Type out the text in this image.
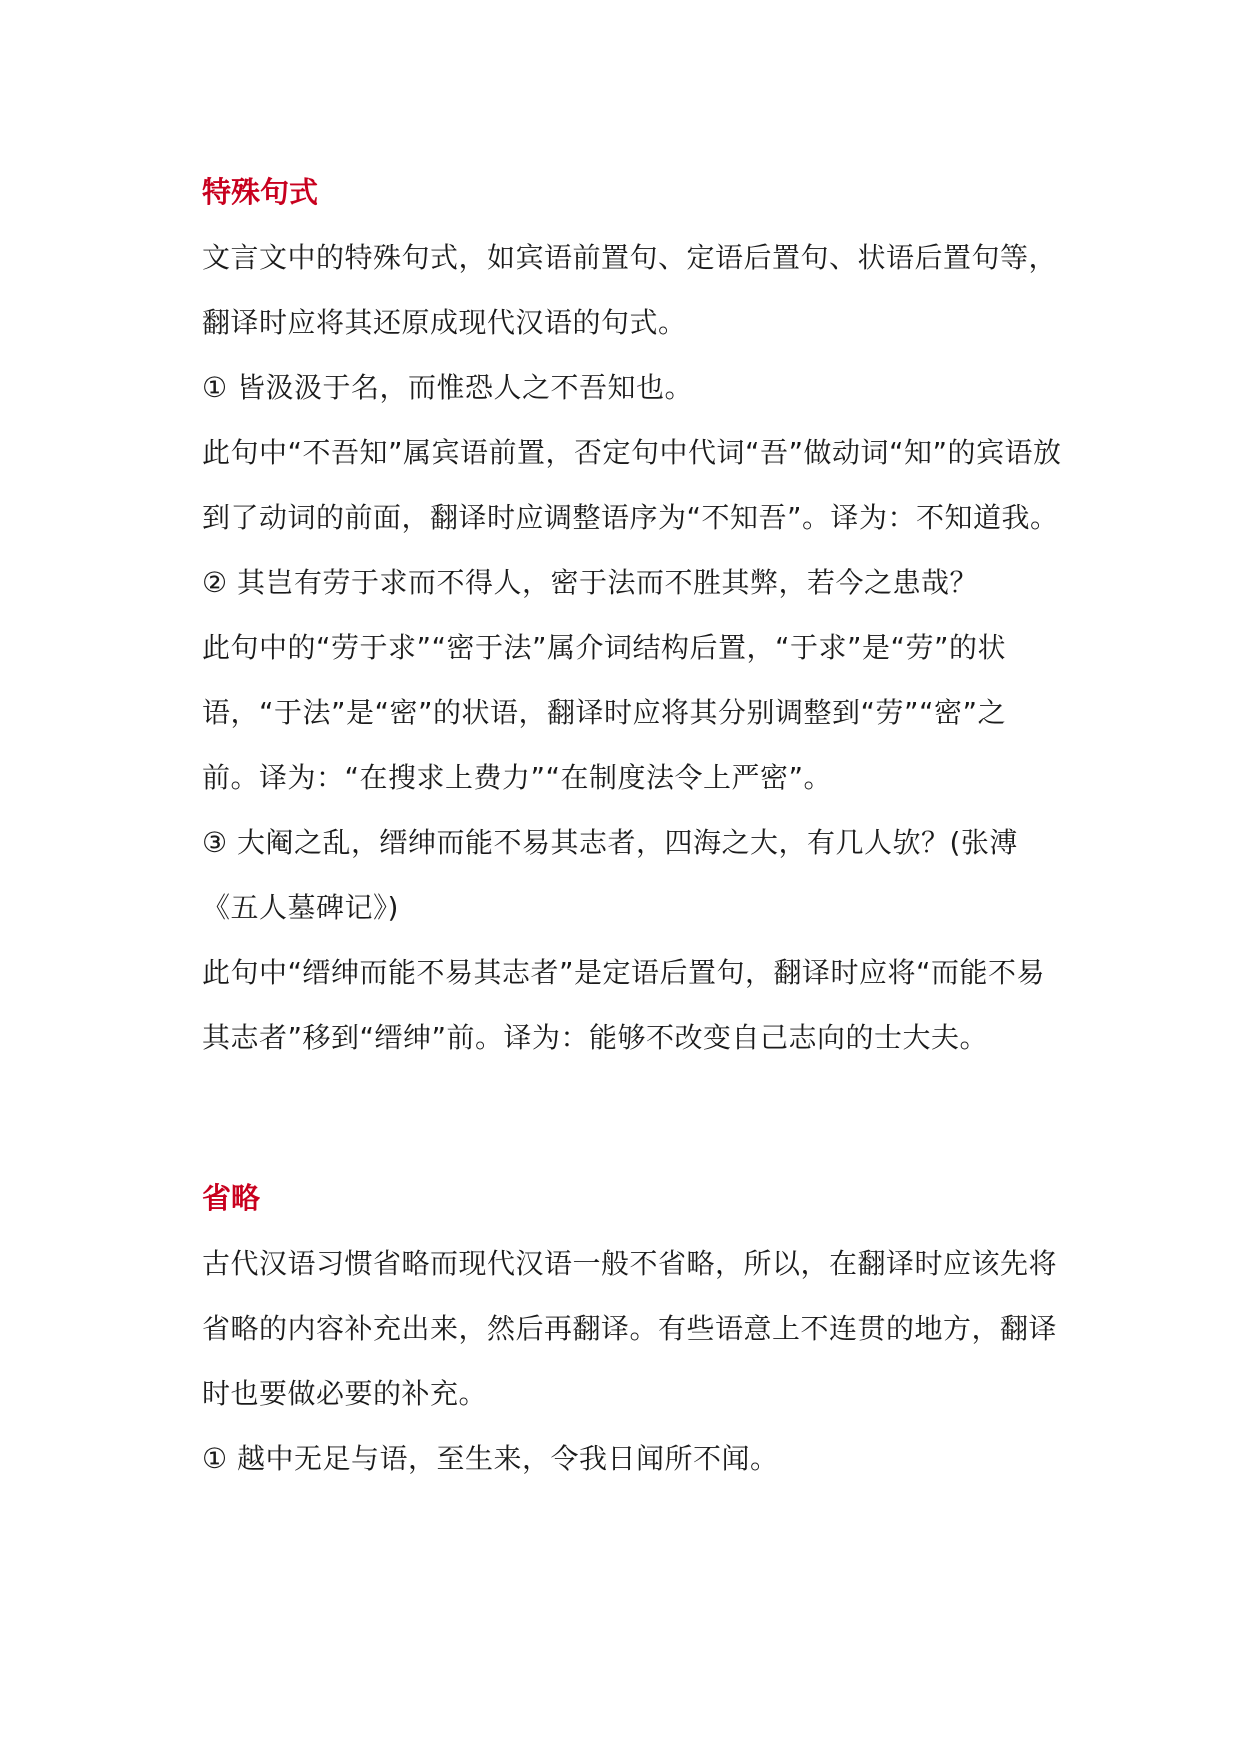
特殊句式

文言文中的特殊句式，如宾语前置句、定语后置句、状语后置句等，翻译时应将其还原成现代汉语的句式。

① 皆汲汲于名，而惟恐人之不吾知也。

此句中“不吾知”属宾语前置，否定句中代词“吾”做动词“知”的宾语放到了动词的前面，翻译时应调整语序为“不知吾”。译为：不知道我。

② 其岂有劳于求而不得人，密于法而不胜其弊，若今之患哉？

此句中的“劳于求”“密于法”属介词结构后置，“于求”是“劳”的状语，“于法”是“密”的状语，翻译时应将其分别调整到“劳”“密”之前。译为：“在搜求上费力”“在制度法令上严密”。

③ 大阉之乱，缙绅而能不易其志者，四海之大，有几人欤？(张溥《五人墓碑记》)

此句中“缙绅而能不易其志者”是定语后置句，翻译时应将“而能不易其志者”移到“缙绅”前。译为：能够不改变自己志向的士大夫。

省略

古代汉语习惯省略而现代汉语一般不省略，所以，在翻译时应该先将省略的内容补充出来，然后再翻译。有些语意上不连贯的地方，翻译时也要做必要的补充。

① 越中无足与语，至生来，令我日闻所不闻。
